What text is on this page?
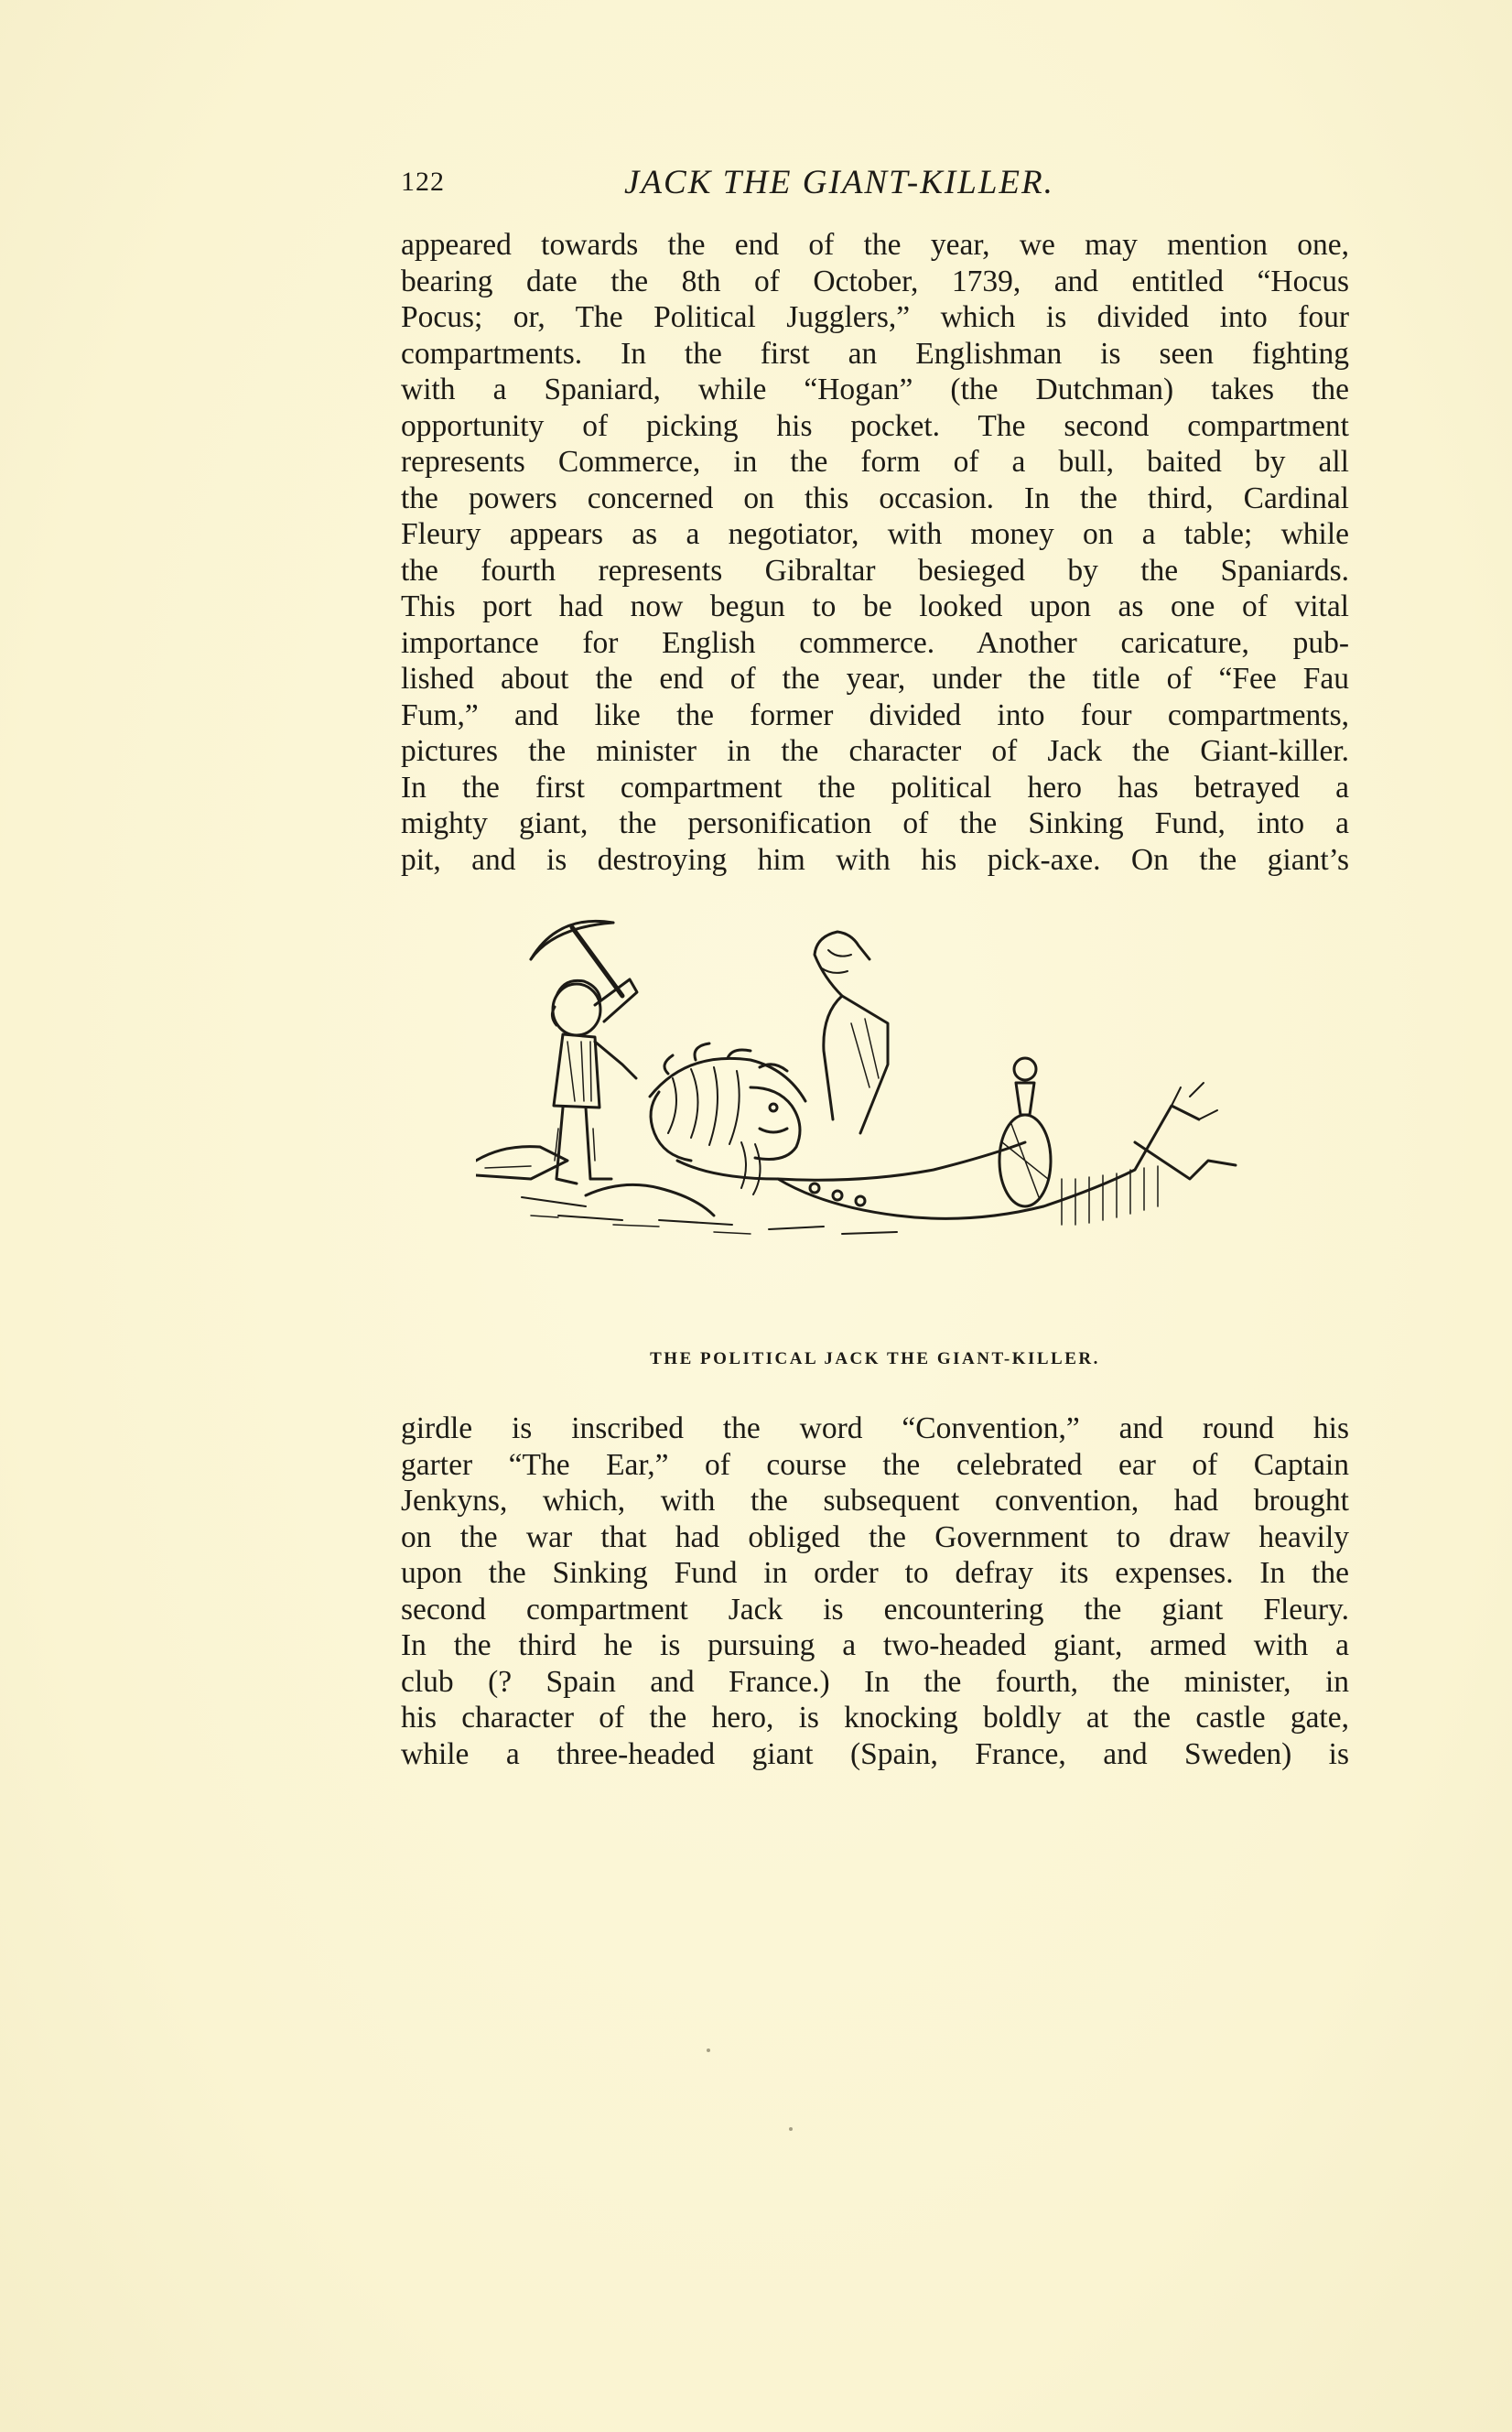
122	JACK THE GIANT-KILLER.
appeared towards the end of the year, we may mention one,
bearing date the 8th of October, 1739, and entitled “Hocus
Pocus; or, The Political Jugglers,” which is divided into four
compartments. In the first an Englishman is seen fighting
with a Spaniard, while “Hogan” (the Dutchman) takes the
opportunity of picking his pocket. The second compartment
represents Commerce, in the form of a bull, baited by all
the powers concerned on this occasion. In the third, Cardinal
Fleury appears as a negotiator, with money on a table; while
the fourth represents Gibraltar besieged by the Spaniards.
This port had now begun to be looked upon as one of vital
importance for English commerce. Another caricature, pub-
lished about the end of the year, under the title of “Fee Fau
Fum,” and like the former divided into four compartments,
pictures the minister in the character of Jack the Giant-killer.
In the first compartment the political hero has betrayed a
mighty giant, the personification of the Sinking Fund, into a
pit, and is destroying him with his pick-axe. On the giant’s
THE POLITICAL JACK THE GIANT-KILLER.
girdle is inscribed the word “Convention,” and round his
garter “The Ear,” of course the celebrated ear of Captain
Jenkyns, which, with the subsequent convention, had brought
on the war that had obliged the Government to draw heavily
upon the Sinking Fund in order to defray its expenses. In the
second compartment Jack is encountering the giant Fleury.
In the third he is pursuing a two-headed giant, armed with a
club (? Spain and France.) In the fourth, the minister, in
his character of the hero, is knocking boldly at the castle gate,
while a three-headed giant (Spain, France, and Sweden) is
